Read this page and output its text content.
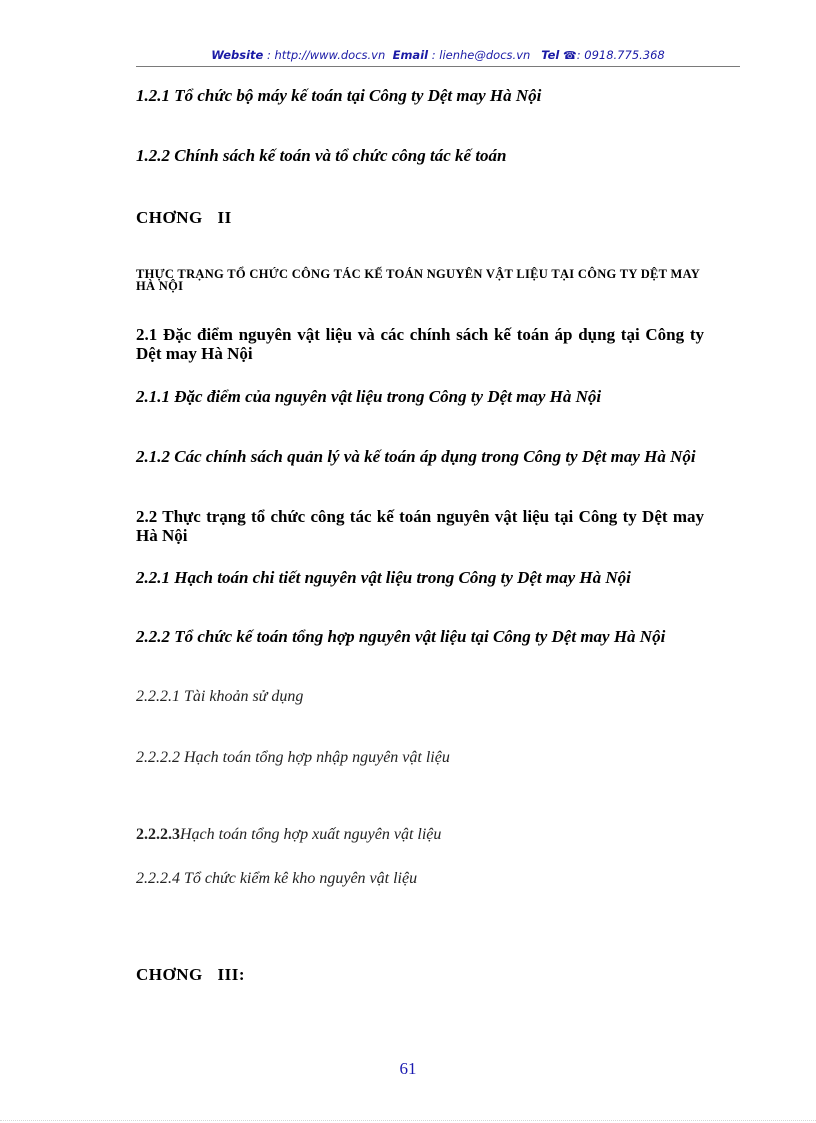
Website : http://www.docs.vn Email : lienhe@docs.vn Tel ☎: 0918.775.368
1.2.1 Tổ chức bộ máy kế toán tại Công ty Dệt may Hà Nội
1.2.2 Chính sách kế toán và tổ chức công tác kế toán
CHƠNG II
THỰC TRẠNG TỔ CHỨC CÔNG TÁC KẾ TOÁN NGUYÊN VẬT LIỆU TẠI CÔNG TY DỆT MAY HÀ NỘI
2.1 Đặc điểm nguyên vật liệu và các chính sách kế toán áp dụng tại Công ty Dệt may Hà Nội
2.1.1 Đặc điểm của nguyên vật liệu trong Công ty Dệt may Hà Nội
2.1.2 Các chính sách quản lý và kế toán áp dụng trong Công ty Dệt may Hà Nội
2.2 Thực trạng tổ chức công tác kế toán nguyên vật liệu tại Công ty Dệt may Hà Nội
2.2.1 Hạch toán chi tiết nguyên vật liệu trong Công ty Dệt may Hà Nội
2.2.2 Tổ chức kế toán tổng hợp nguyên vật liệu tại Công ty Dệt may Hà Nội
2.2.2.1 Tài khoản sử dụng
2.2.2.2 Hạch toán tổng hợp nhập nguyên vật liệu
2.2.2.3Hạch toán tổng hợp xuất nguyên vật liệu
2.2.2.4 Tổ chức kiểm kê kho nguyên vật liệu
CHƠNG III:
61
